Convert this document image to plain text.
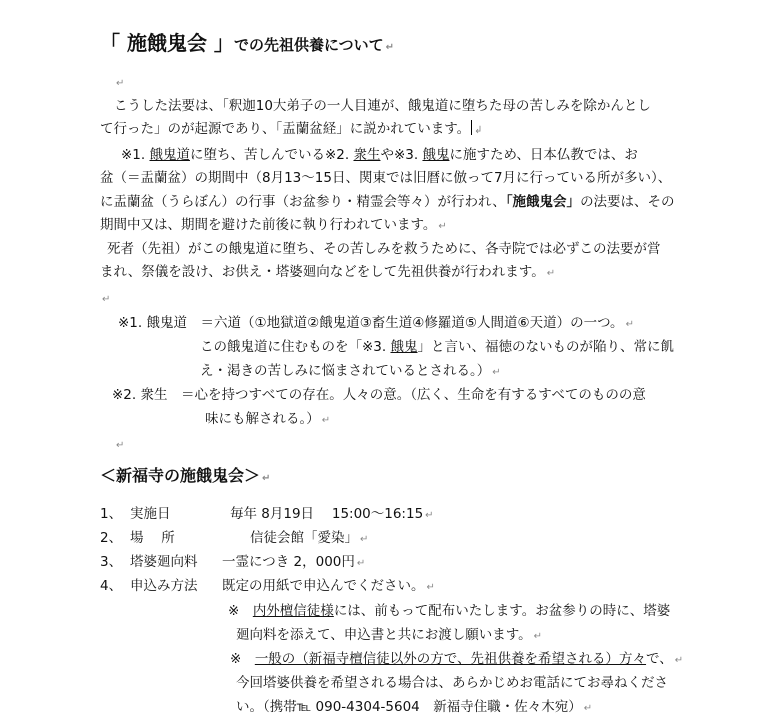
「 施餓鬼会 」での先祖供養について ↵
↵
こうした法要は、「釈迦10大弟子の一人目連が、餓鬼道に堕ちた母の苦しみを除かんとし
て行った」のが起源であり、「盂蘭盆経」に説かれています。 ↲
※1. 餓鬼道に堕ち、苦しんでいる※2. 衆生や※3. 餓鬼に施すため、日本仏教では、お
盆（＝盂蘭盆）の期間中（8月13～15日、関東では旧暦に倣って7月に行っている所が多い）、
に盂蘭盆（うらぼん）の行事（お盆参り・精霊会等々）が行われ、「施餓鬼会」の法要は、その
期間中又は、期間を避けた前後に執り行われています。 ↵
死者（先祖）がこの餓鬼道に堕ち、その苦しみを救うために、各寺院では必ずこの法要が営
まれ、祭儀を設け、お供え・塔婆廻向などをして先祖供養が行われます。 ↵
↵
※1. 餓鬼道　＝六道（①地獄道②餓鬼道③畜生道④修羅道⑤人間道⑥天道）の一つ。 ↵
この餓鬼道に住むものを「※3. 餓鬼」と言い、福徳のないものが陥り、常に飢
え・渇きの苦しみに悩まされているとされる。） ↵
※2. 衆生　＝心を持つすべての存在。人々の意。（広く、生命を有するすべてのものの意
味にも解される。） ↵
↵
＜新福寺の施餓鬼会＞ ↵
1、 実施日	毎年 8月19日　 15:00～16:15 ↵
2、 場　 所	信徒会館「愛染」 ↵
3、 塔婆廻向料 一霊につき 2，000円 ↵
4、 申込み方法 既定の用紙で申込んでください。 ↵
※　 内外檀信徒様には、前もって配布いたします。お盆参りの時に、塔婆
廻向料を添えて、申込書と共にお渡し願います。 ↵
※　 一般の（新福寺檀信徒以外の方で、先祖供養を希望される）方々で、 ↵
今回塔婆供養を希望される場合は、あらかじめお電話にてお尋ねくださ
い。（携帯℡ 090-4304-5604　新福寺住職・佐々木宛） ↵
